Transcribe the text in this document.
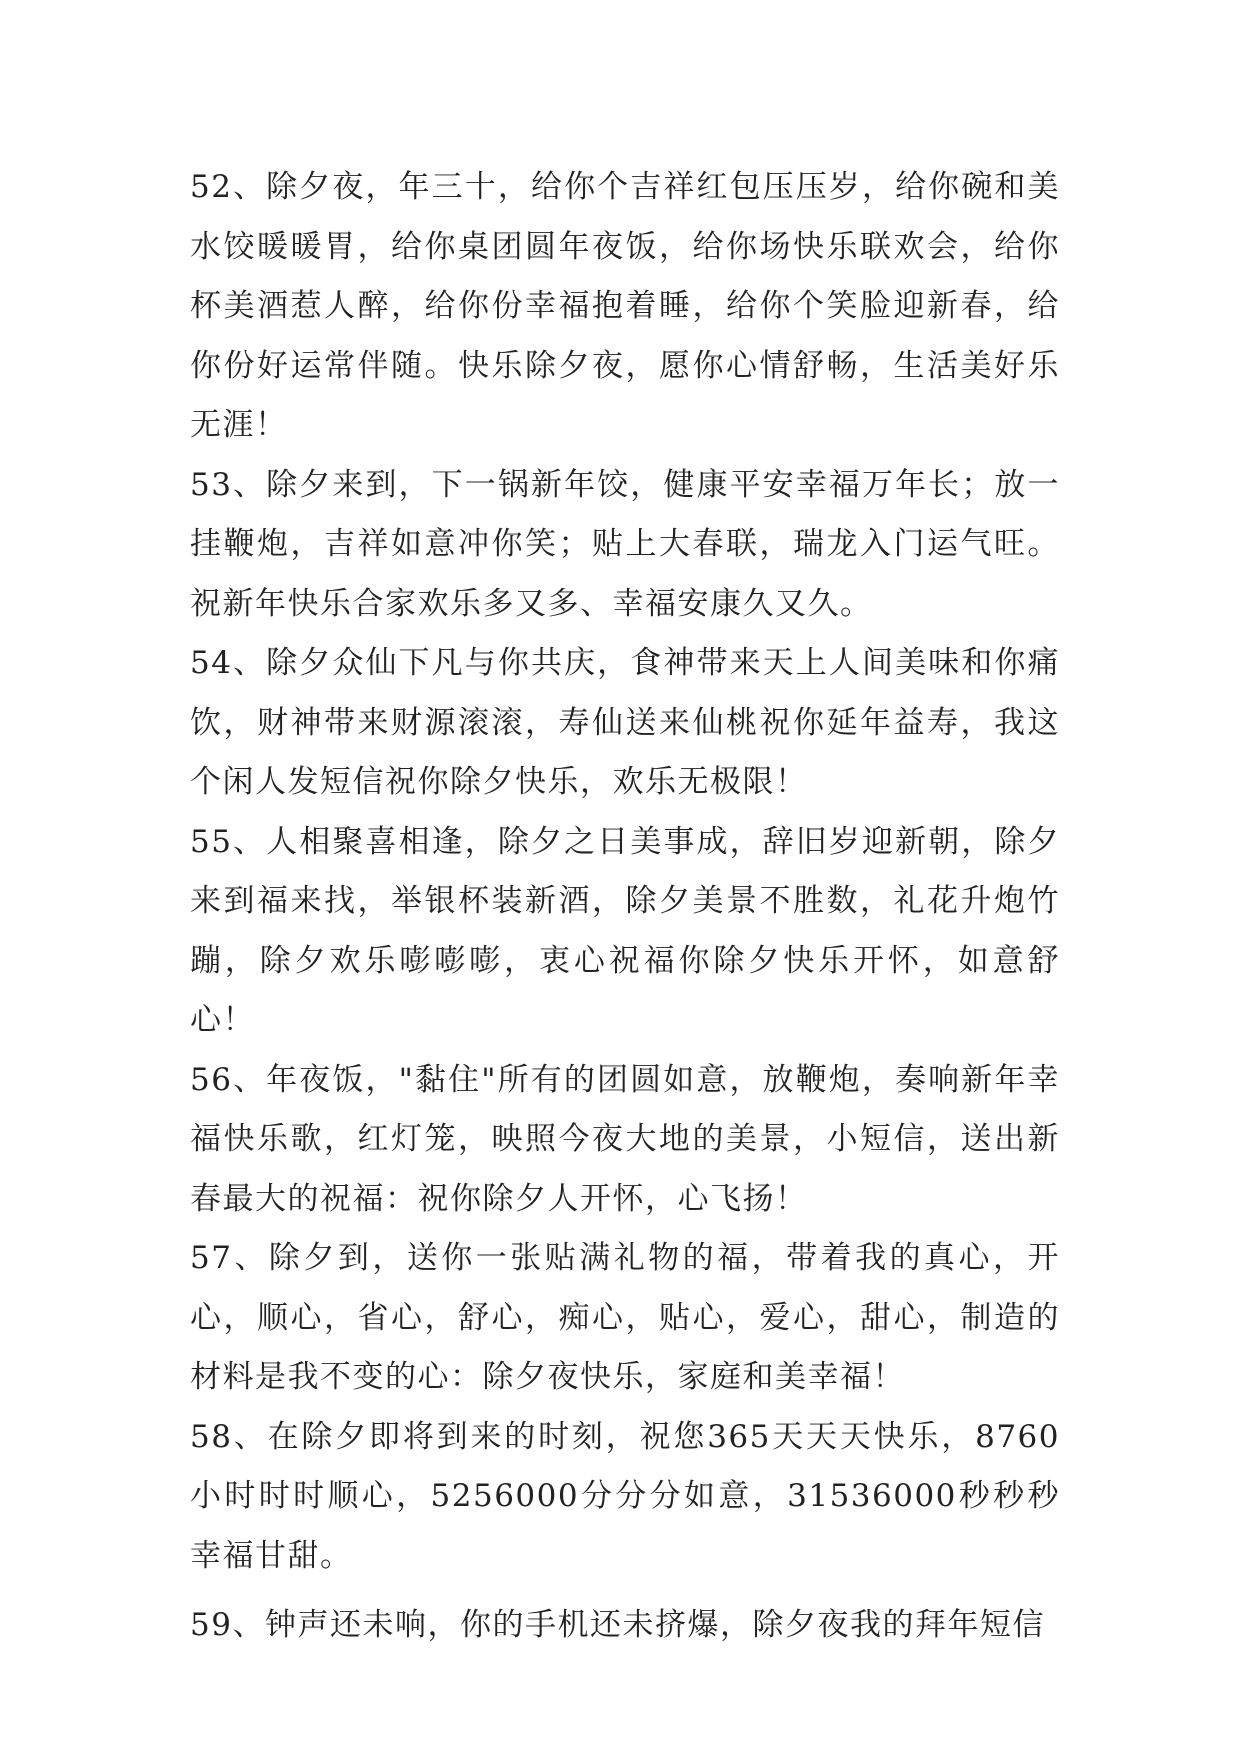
52、除夕夜，年三十，给你个吉祥红包压压岁，给你碗和美水饺暖暖胃，给你桌团圆年夜饭，给你场快乐联欢会，给你杯美酒惹人醉，给你份幸福抱着睡，给你个笑脸迎新春，给你份好运常伴随。快乐除夕夜，愿你心情舒畅，生活美好乐无涯！

53、除夕来到，下一锅新年饺，健康平安幸福万年长；放一挂鞭炮，吉祥如意冲你笑；贴上大春联，瑞龙入门运气旺。祝新年快乐合家欢乐多又多、幸福安康久又久。

54、除夕众仙下凡与你共庆，食神带来天上人间美味和你痛饮，财神带来财源滚滚，寿仙送来仙桃祝你延年益寿，我这个闲人发短信祝你除夕快乐，欢乐无极限！

55、人相聚喜相逢，除夕之日美事成，辞旧岁迎新朝，除夕来到福来找，举银杯装新酒，除夕美景不胜数，礼花升炮竹蹦，除夕欢乐嘭嘭嘭，衷心祝福你除夕快乐开怀，如意舒心！

56、年夜饭，"黏住"所有的团圆如意，放鞭炮，奏响新年幸福快乐歌，红灯笼，映照今夜大地的美景，小短信，送出新春最大的祝福：祝你除夕人开怀，心飞扬！

57、除夕到，送你一张贴满礼物的福，带着我的真心，开心，顺心，省心，舒心，痴心，贴心，爱心，甜心，制造的材料是我不变的心：除夕夜快乐，家庭和美幸福！

58、在除夕即将到来的时刻，祝您365天天天快乐，8760小时时时顺心，5256000分分分如意，31536000秒秒秒幸福甘甜。

59、钟声还未响，你的手机还未挤爆，除夕夜我的拜年短信
